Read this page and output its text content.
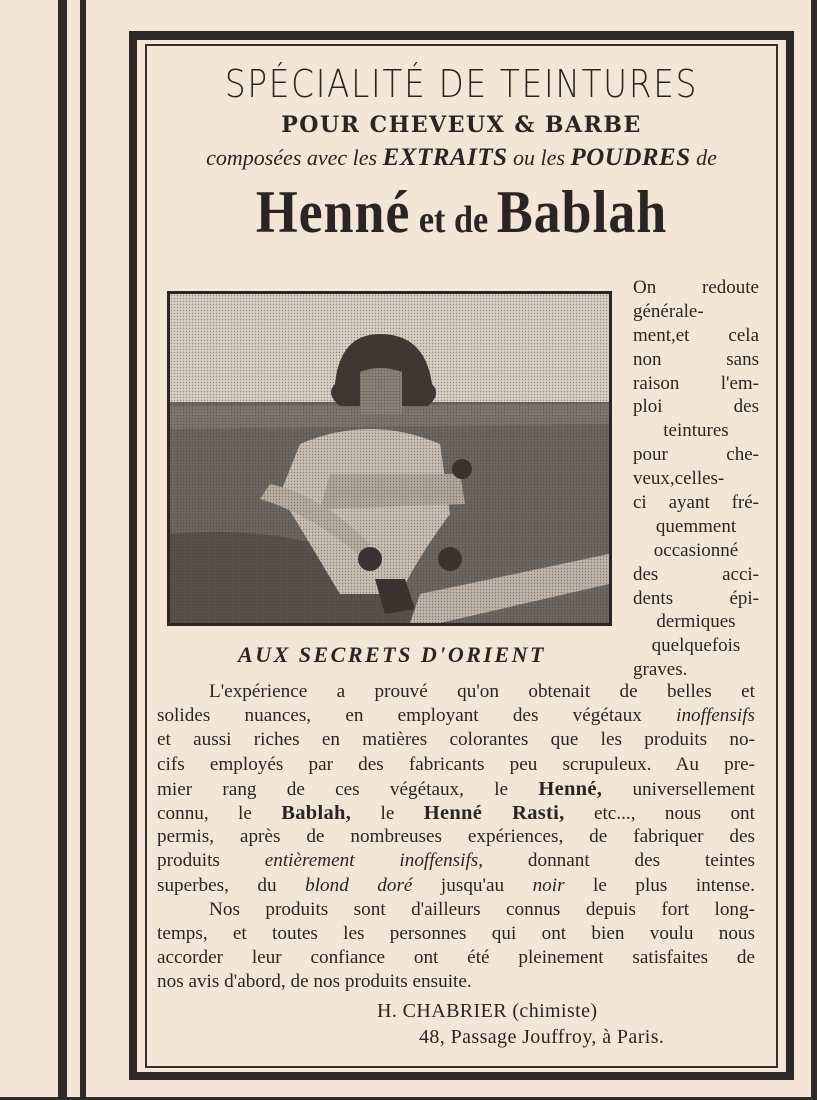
SPÉCIALITÉ DE TEINTURES
POUR CHEVEUX & BARBE
composées avec les EXTRAITS ou les POUDRES de
Henné et de Bablah
AUX SECRETS D'ORIENT
On redoute
générale-
ment,et cela
non sans
raison l'em-
ploi des
teintures
pour che-
veux,celles-
ci ayant fré-
quemment
occasionné
des acci-
dents épi-
dermiques
quelquefois
graves.
L'expérience a prouvé qu'on obtenait de belles et
solides nuances, en employant des végétaux inoffensifs
et aussi riches en matières colorantes que les produits no-
cifs employés par des fabricants peu scrupuleux. Au pre-
mier rang de ces végétaux, le Henné, universellement
connu, le Bablah, le Henné Rasti, etc..., nous ont
permis, après de nombreuses expériences, de fabriquer des
produits entièrement inoffensifs, donnant des teintes
superbes, du blond doré jusqu'au noir le plus intense.
Nos produits sont d'ailleurs connus depuis fort long-
temps, et toutes les personnes qui ont bien voulu nous
accorder leur confiance ont été pleinement satisfaites de
nos avis d'abord, de nos produits ensuite.
H. CHABRIER (chimiste)
48, Passage Jouffroy, à Paris.
